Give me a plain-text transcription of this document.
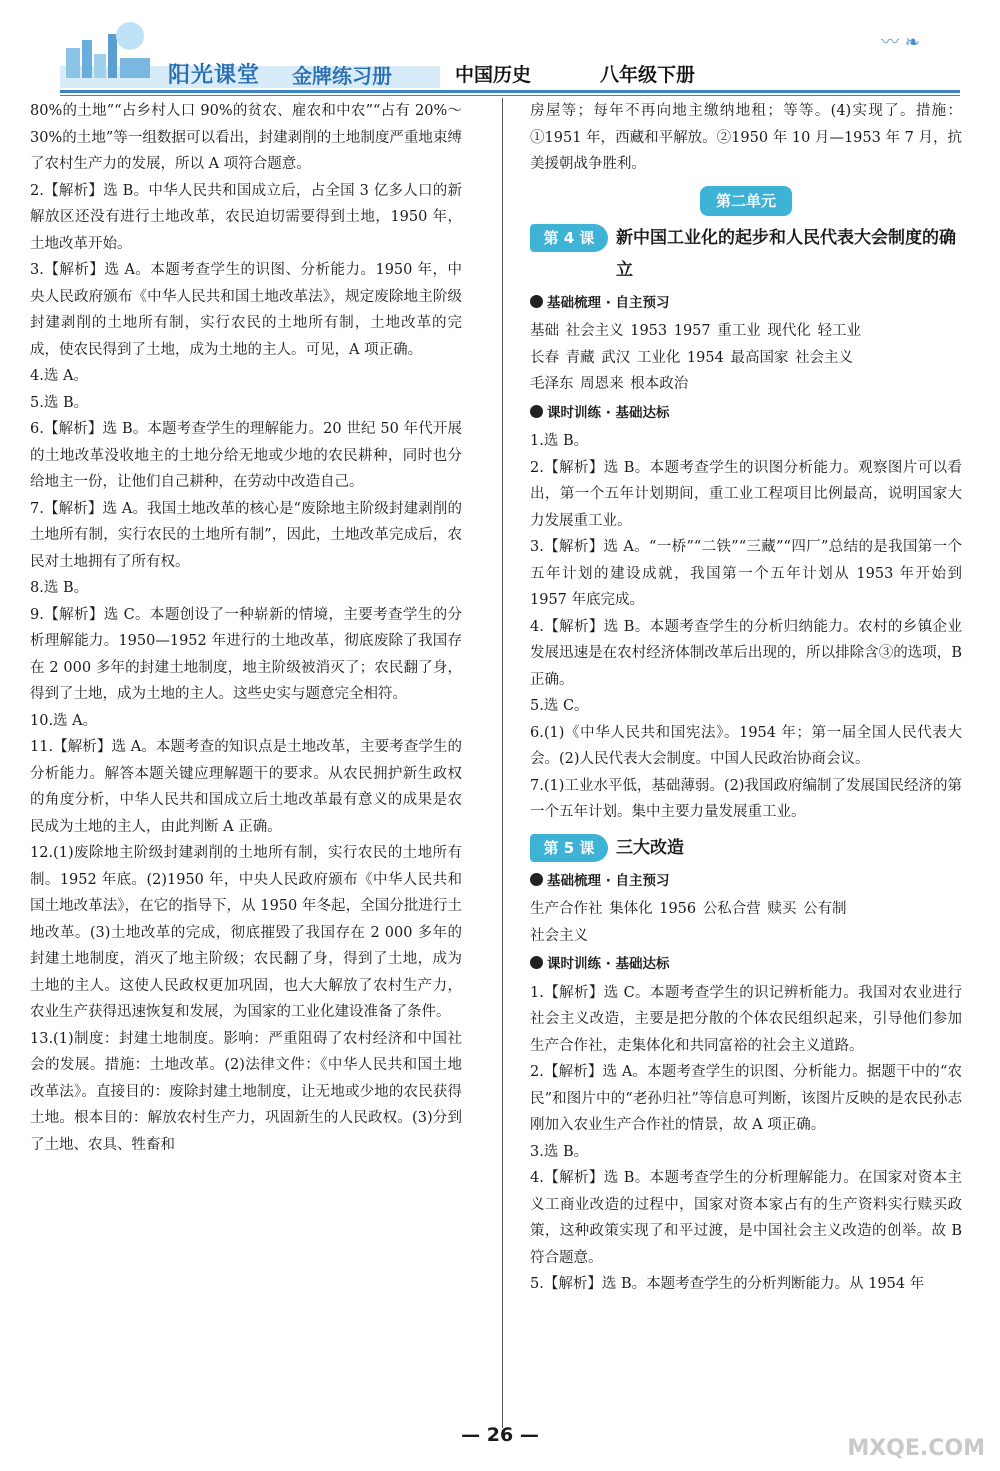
阳光课堂 金牌练习册	中国历史	八年级下册
〰 ❧

80%的土地”“占乡村人口 90%的贫农、雇农和中农”“占有 20%～30%的土地”等一组数据可以看出，封建剥削的土地制度严重地束缚了农村生产力的发展，所以 A 项符合题意。

2.【解析】选 B。中华人民共和国成立后，占全国 3 亿多人口的新解放区还没有进行土地改革，农民迫切需要得到土地，1950 年，土地改革开始。

3.【解析】选 A。本题考查学生的识图、分析能力。1950 年，中央人民政府颁布《中华人民共和国土地改革法》，规定废除地主阶级封建剥削的土地所有制，实行农民的土地所有制，土地改革的完成，使农民得到了土地，成为土地的主人。可见，A 项正确。

4.选 A。

5.选 B。

6.【解析】选 B。本题考查学生的理解能力。20 世纪 50 年代开展的土地改革没收地主的土地分给无地或少地的农民耕种，同时也分给地主一份，让他们自己耕种，在劳动中改造自己。

7.【解析】选 A。我国土地改革的核心是“废除地主阶级封建剥削的土地所有制，实行农民的土地所有制”，因此，土地改革完成后，农民对土地拥有了所有权。

8.选 B。

9.【解析】选 C。本题创设了一种崭新的情境，主要考查学生的分析理解能力。1950—1952 年进行的土地改革，彻底废除了我国存在 2 000 多年的封建土地制度，地主阶级被消灭了；农民翻了身，得到了土地，成为土地的主人。这些史实与题意完全相符。

10.选 A。

11.【解析】选 A。本题考查的知识点是土地改革，主要考查学生的分析能力。解答本题关键应理解题干的要求。从农民拥护新生政权的角度分析，中华人民共和国成立后土地改革最有意义的成果是农民成为土地的主人，由此判断 A 正确。

12.(1)废除地主阶级封建剥削的土地所有制，实行农民的土地所有制。1952 年底。(2)1950 年，中央人民政府颁布《中华人民共和国土地改革法》，在它的指导下，从 1950 年冬起，全国分批进行土地改革。(3)土地改革的完成，彻底摧毁了我国存在 2 000 多年的封建土地制度，消灭了地主阶级；农民翻了身，得到了土地，成为土地的主人。这使人民政权更加巩固，也大大解放了农村生产力，农业生产获得迅速恢复和发展，为国家的工业化建设准备了条件。

13.(1)制度：封建土地制度。影响：严重阻碍了农村经济和中国社会的发展。措施：土地改革。(2)法律文件：《中华人民共和国土地改革法》。直接目的：废除封建土地制度，让无地或少地的农民获得土地。根本目的：解放农村生产力，巩固新生的人民政权。(3)分到了土地、农具、牲畜和

房屋等；每年不再向地主缴纳地租；等等。(4)实现了。措施：①1951 年，西藏和平解放。②1950 年 10 月—1953 年 7 月，抗美援朝战争胜利。

第二单元
第 4 课	新中国工业化的起步和人民代表大会制度的确立
基础梳理 · 自主预习

基础 社会主义 1953 1957 重工业 现代化 轻工业

长春 青藏 武汉 工业化 1954 最高国家 社会主义

毛泽东 周恩来 根本政治

课时训练 · 基础达标

1.选 B。

2.【解析】选 B。本题考查学生的识图分析能力。观察图片可以看出，第一个五年计划期间，重工业工程项目比例最高，说明国家大力发展重工业。

3.【解析】选 A。“一桥”“二铁”“三藏”“四厂”总结的是我国第一个五年计划的建设成就，我国第一个五年计划从 1953 年开始到 1957 年底完成。

4.【解析】选 B。本题考查学生的分析归纳能力。农村的乡镇企业发展迅速是在农村经济体制改革后出现的，所以排除含③的选项，B 正确。

5.选 C。

6.(1)《中华人民共和国宪法》。1954 年；第一届全国人民代表大会。(2)人民代表大会制度。中国人民政治协商会议。

7.(1)工业水平低，基础薄弱。(2)我国政府编制了发展国民经济的第一个五年计划。集中主要力量发展重工业。

第 5 课	三大改造
基础梳理 · 自主预习

生产合作社 集体化 1956 公私合营 赎买 公有制

社会主义

课时训练 · 基础达标

1.【解析】选 C。本题考查学生的识记辨析能力。我国对农业进行社会主义改造，主要是把分散的个体农民组织起来，引导他们参加生产合作社，走集体化和共同富裕的社会主义道路。

2.【解析】选 A。本题考查学生的识图、分析能力。据题干中的“农民”和图片中的“老孙归社”等信息可判断，该图片反映的是农民孙志刚加入农业生产合作社的情景，故 A 项正确。

3.选 B。

4.【解析】选 B。本题考查学生的分析理解能力。在国家对资本主义工商业改造的过程中，国家对资本家占有的生产资料实行赎买政策，这种政策实现了和平过渡，是中国社会主义改造的创举。故 B 符合题意。

5.【解析】选 B。本题考查学生的分析判断能力。从 1954 年

— 26 —
MXQE.COM
